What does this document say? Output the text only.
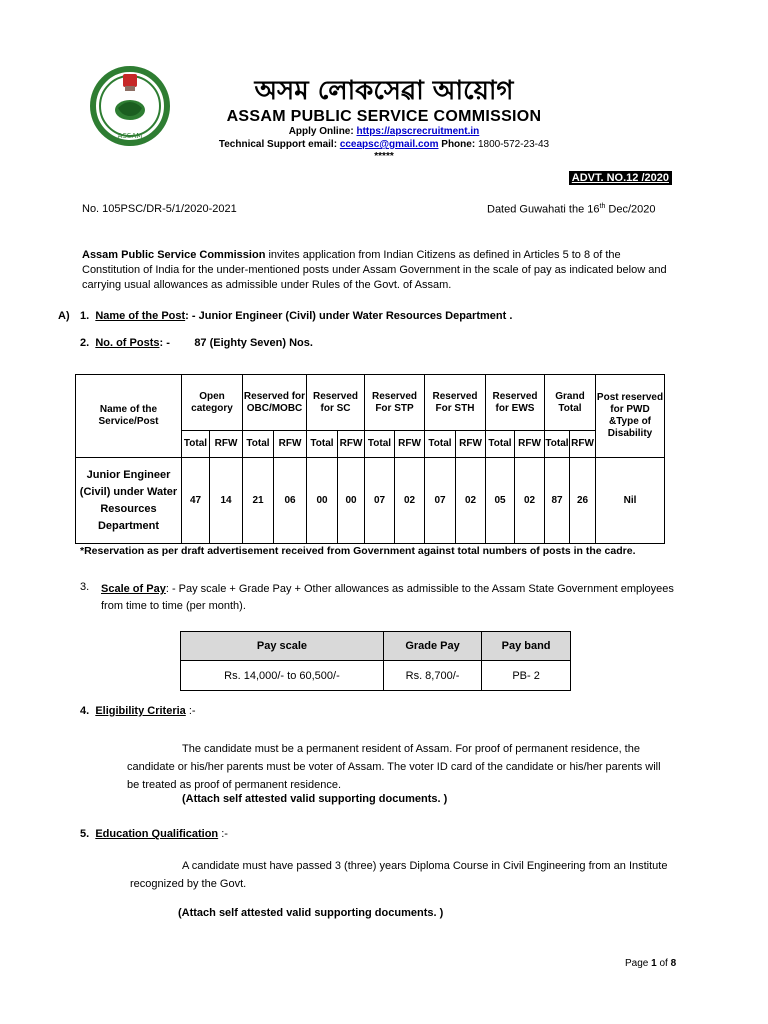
ASSAM
অসম লোকসেৱা আয়োগ
ASSAM PUBLIC SERVICE COMMISSION
Apply Online: https://apscrecruitment.in
Technical Support email: cceapsc@gmail.com Phone: 1800-572-23-43
*****
ADVT. NO.12 /2020
No. 105PSC/DR-5/1/2020-2021	Dated Guwahati the 16th Dec/2020
Assam Public Service Commission invites application from Indian Citizens as defined in Articles 5 to 8 of the Constitution of India for the under-mentioned posts under Assam Government in the scale of pay as indicated below and carrying usual allowances as admissible under Rules of the Govt. of Assam.
A) 1. Name of the Post: - Junior Engineer (Civil) under Water Resources Department .
2. No. of Posts: -        87 (Eighty Seven) Nos.
Name of the Service/Post	Open category		Reserved for OBC/MOBC		Reserved for SC		Reserved For STP		Reserved For STH		Reserved for EWS		Grand Total		Post reserved for PWD &Type of Disability
	Total	RFW	Total	RFW	Total	RFW	Total	RFW	Total	RFW	Total	RFW	Total	RFW	
Junior Engineer (Civil) under Water Resources Department	47	14	21	06	00	00	07	02	07	02	05	02	87	26	Nil
*Reservation as per draft advertisement received from Government against total numbers of posts in the cadre.
3. Scale of Pay: - Pay scale + Grade Pay + Other allowances as admissible to the Assam State Government employees from time to time (per month).
Pay scale	Grade Pay	Pay band
Rs. 14,000/- to 60,500/-	Rs. 8,700/-	PB- 2
4. Eligibility Criteria :-
The candidate must be a permanent resident of Assam. For proof of permanent residence, the candidate or his/her parents must be voter of Assam. The voter ID card of the candidate or his/her parents will be treated as proof of permanent residence.
(Attach self attested valid supporting documents. )
5. Education Qualification :-
A candidate must have passed 3 (three) years Diploma Course in Civil Engineering from an Institute recognized by the Govt.
(Attach self attested valid supporting documents. )
Page 1 of 8
